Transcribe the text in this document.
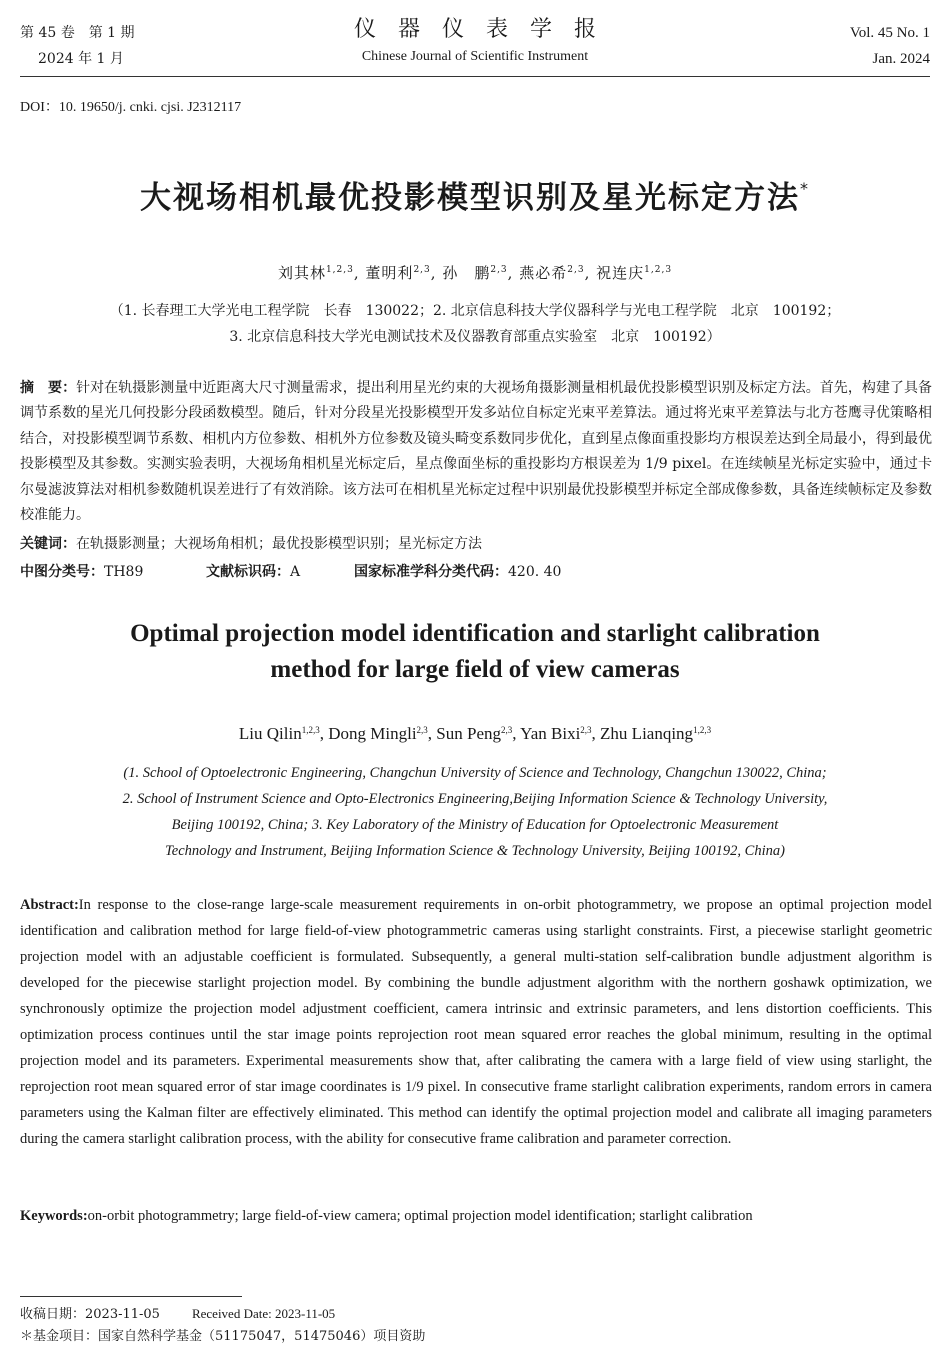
第 45 卷　第 1 期
2024 年 1 月
仪器仪表学报
Chinese Journal of Scientific Instrument
Vol. 45 No. 1
Jan. 2024
DOI：10. 19650/j. cnki. cjsi. J2312117
大视场相机最优投影模型识别及星光标定方法*
刘其林$^{1,2,3}$, 董明利$^{2,3}$, 孙　鹏$^{2,3}$, 燕必希$^{2,3}$, 祝连庆$^{1,2,3}$
（1. 长春理工大学光电工程学院　长春　130022；2. 北京信息科技大学仪器科学与光电工程学院　北京　100192；
3. 北京信息科技大学光电测试技术及仪器教育部重点实验室　北京　100192）
摘　要：针对在轨摄影测量中近距离大尺寸测量需求，提出利用星光约束的大视场角摄影测量相机最优投影模型识别及标定方法。首先，构建了具备调节系数的星光几何投影分段函数模型。随后，针对分段星光投影模型开发多站位自标定光束平差算法。通过将光束平差算法与北方苍鹰寻优策略相结合，对投影模型调节系数、相机内方位参数、相机外方位参数及镜头畸变系数同步优化，直到星点像面重投影均方根误差达到全局最小，得到最优投影模型及其参数。实测实验表明，大视场角相机星光标定后，星点像面坐标的重投影均方根误差为 1/9 pixel。在连续帧星光标定实验中，通过卡尔曼滤波算法对相机参数随机误差进行了有效消除。该方法可在相机星光标定过程中识别最优投影模型并标定全部成像参数，具备连续帧标定及参数校准能力。
关键词：在轨摄影测量；大视场角相机；最优投影模型识别；星光标定方法
中图分类号：TH89	文献标识码：A	国家标准学科分类代码：420. 40
Optimal projection model identification and starlight calibration
method for large field of view cameras
Liu Qilin$^{1,2,3}$, Dong Mingli$^{2,3}$, Sun Peng$^{2,3}$, Yan Bixi$^{2,3}$, Zhu Lianqing$^{1,2,3}$
(1. School of Optoelectronic Engineering, Changchun University of Science and Technology, Changchun 130022, China;
2. School of Instrument Science and Opto-Electronics Engineering,Beijing Information Science & Technology University,
Beijing 100192, China; 3. Key Laboratory of the Ministry of Education for Optoelectronic Measurement
Technology and Instrument, Beijing Information Science & Technology University, Beijing 100192, China)
Abstract:In response to the close-range large-scale measurement requirements in on-orbit photogrammetry, we propose an optimal projection model identification and calibration method for large field-of-view photogrammetric cameras using starlight constraints. First, a piecewise starlight geometric projection model with an adjustable coefficient is formulated. Subsequently, a general multi-station self-calibration bundle adjustment algorithm is developed for the piecewise starlight projection model. By combining the bundle adjustment algorithm with the northern goshawk optimization, we synchronously optimize the projection model adjustment coefficient, camera intrinsic and extrinsic parameters, and lens distortion coefficients. This optimization process continues until the star image points reprojection root mean squared error reaches the global minimum, resulting in the optimal projection model and its parameters. Experimental measurements show that, after calibrating the camera with a large field of view using starlight, the reprojection root mean squared error of star image coordinates is 1/9 pixel. In consecutive frame starlight calibration experiments, random errors in camera parameters using the Kalman filter are effectively eliminated. This method can identify the optimal projection model and calibrate all imaging parameters during the camera starlight calibration process, with the ability for consecutive frame calibration and parameter correction.
Keywords:on-orbit photogrammetry; large field-of-view camera; optimal projection model identification; starlight calibration
收稿日期：2023-11-05 Received Date: 2023-11-05
＊基金项目：国家自然科学基金（51175047，51475046）项目资助
